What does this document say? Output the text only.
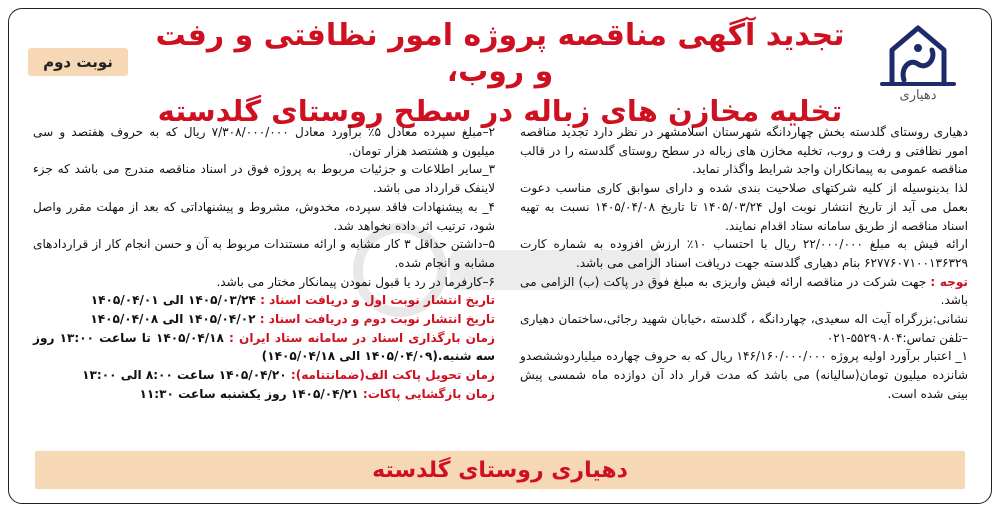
دهیاری
تجدید آگهی مناقصه پروژه امور نظافتی و رفت و روب،
تخلیه مخازن های زباله در سطح روستای گلدسته
نوبت دوم

دهیاری روستای گلدسته بخش چهاردانگه شهرستان اسلامشهر در نظر دارد تجدید مناقصه امور نظافتی و رفت و روب، تخلیه مخازن های زباله در سطح روستای گلدسته را در قالب مناقصه عمومی به پیمانکاران واجد شرایط واگذار نماید.

لذا بدینوسیله از کلیه شرکتهای صلاحیت بندی شده و دارای سوابق کاری مناسب دعوت بعمل می آید از تاریخ انتشار نوبت اول ۱۴۰۵/۰۳/۲۴ تا تاریخ ۱۴۰۵/۰۴/۰۸ نسبت به تهیه اسناد مناقصه از طریق سامانه ستاد اقدام نمایند.

ارائه فیش به مبلغ ۲۲/۰۰۰/۰۰۰ ریال با احتساب ۱۰٪ ارزش افزوده به شماره کارت ۶۲۷۷۶۰۷۱۰۰۱۳۶۳۲۹ بنام دهیاری گلدسته جهت دریافت اسناد الزامی می باشد.

توجه : جهت شرکت در مناقصه ارائه فیش واریزی به مبلغ فوق در پاکت (ب) الزامی می باشد.

نشانی:بزرگراه آیت اله سعیدی، چهاردانگه ، گلدسته ،خیابان شهید رجائی،ساختمان دهیاری –تلفن تماس:۵۵۲۹۰۸۰۴-۰۲۱

۱_ اعتبار برآورد اولیه پروژه ۱۴۶/۱۶۰/۰۰۰/۰۰۰ ریال که به حروف چهارده میلیاردوششصدو شانزده میلیون تومان(سالیانه) می باشد که مدت قرار داد آن دوازده ماه شمسی پیش بینی شده است.

۲–مبلغ سپرده معادل ۵٪ برآورد معادل ۷/۳۰۸/۰۰۰/۰۰۰ ریال که به حروف هفتصد و سی میلیون و هشتصد هزار تومان.

۳_سایر اطلاعات و جزئیات مربوط به پروژه فوق در اسناد مناقصه مندرج می باشد که جزء لاینفک قرارداد می باشد.

۴_ به پیشنهادات فاقد سپرده، مخدوش، مشروط و پیشنهاداتی که بعد از مهلت مقرر واصل شود، ترتیب اثر داده نخواهد شد.

۵–داشتن حداقل ۳ کار مشابه و ارائه مستندات مربوط به آن و حسن انجام کار از قراردادهای مشابه و انجام شده.

۶–کارفرما در رد یا قبول نمودن پیمانکار مختار می باشد.

تاریخ انتشار نوبت اول و دریافت اسناد : ۱۴۰۵/۰۳/۲۴ الی ۱۴۰۵/۰۴/۰۱

تاریخ انتشار نوبت دوم و دریافت اسناد : ۱۴۰۵/۰۴/۰۲ الی ۱۴۰۵/۰۴/۰۸

زمان بارگذاری اسناد در سامانه ستاد ایران : ۱۴۰۵/۰۴/۱۸ تا ساعت ۱۳:۰۰ روز سه شنبه.(۱۴۰۵/۰۴/۰۹ الی ۱۴۰۵/۰۴/۱۸)

زمان تحویل پاکت الف(ضمانتنامه): ۱۴۰۵/۰۴/۲۰ ساعت ۸:۰۰ الی ۱۳:۰۰

زمان بازگشایی پاکات: ۱۴۰۵/۰۴/۲۱ روز یکشنبه ساعت ۱۱:۳۰

دهیاری روستای گلدسته
